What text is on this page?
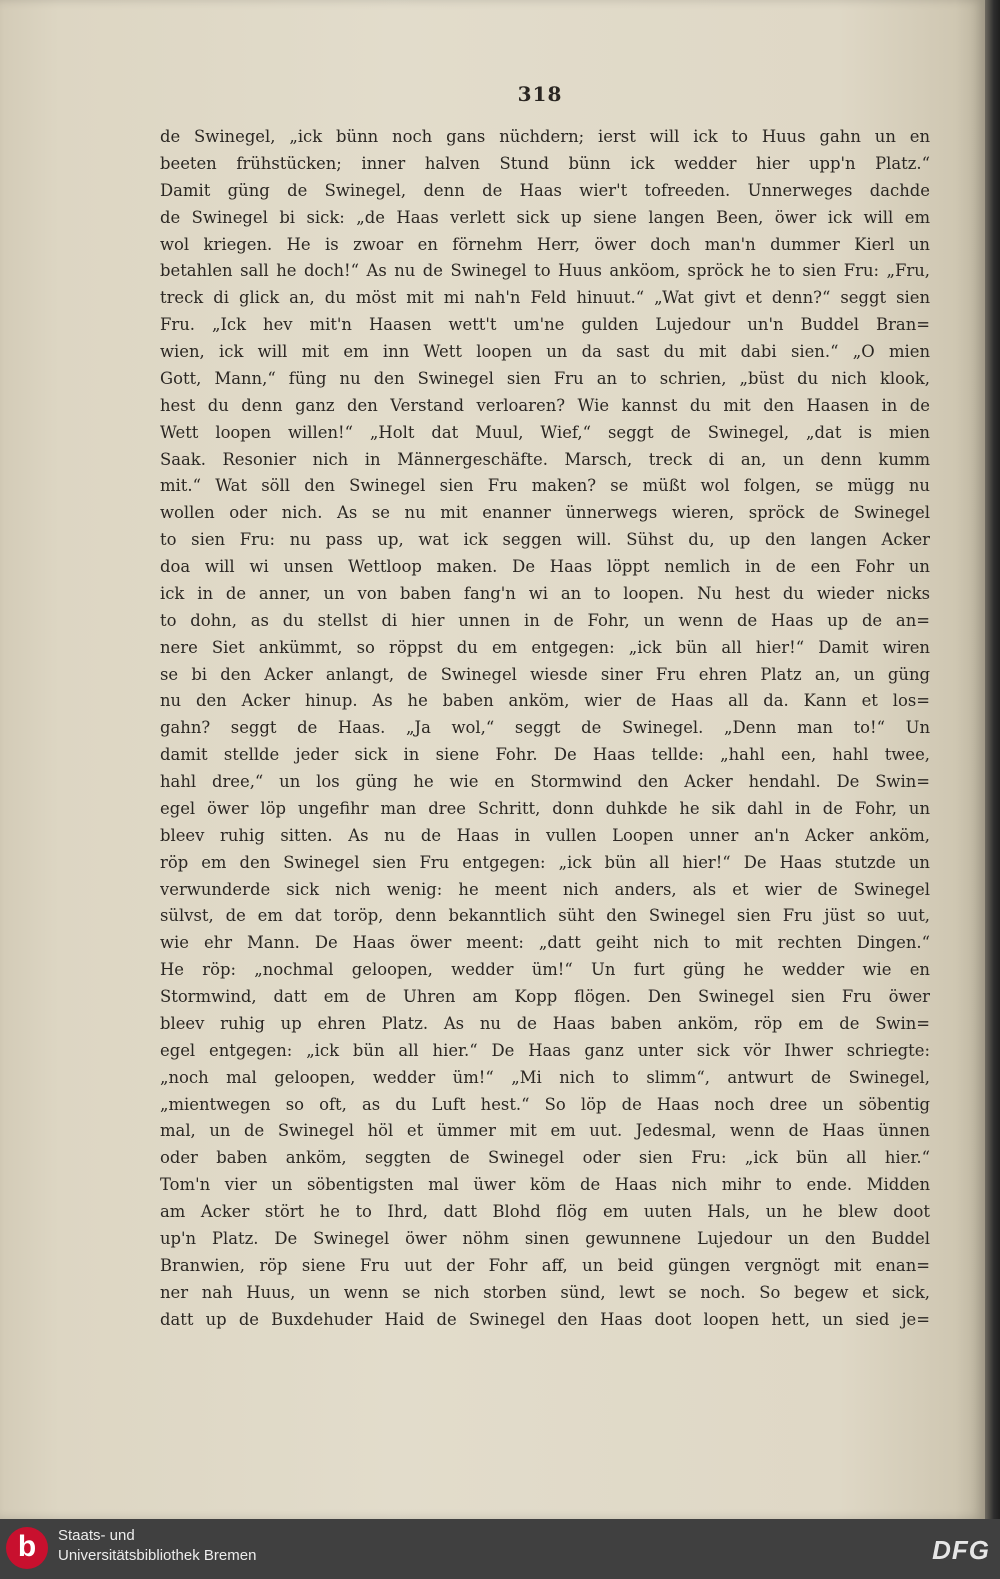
318
de Swinegel, „ick bünn noch gans nüchdern; ierst will ick to Huus gahn un en
beeten frühstücken; inner halven Stund bünn ick wedder hier upp'n Platz.“
Damit güng de Swinegel, denn de Haas wier't tofreeden. Unnerweges dachde
de Swinegel bi sick: „de Haas verlett sick up siene langen Been, öwer ick will em
wol kriegen. He is zwoar en förnehm Herr, öwer doch man'n dummer Kierl un
betahlen sall he doch!“ As nu de Swinegel to Huus anköom, spröck he to sien Fru: „Fru,
treck di glick an, du möst mit mi nah'n Feld hinuut.“ „Wat givt et denn?“ seggt sien
Fru. „Ick hev mit'n Haasen wett't um'ne gulden Lujedour un'n Buddel Bran=
wien, ick will mit em inn Wett loopen un da sast du mit dabi sien.“ „O mien
Gott, Mann,“ füng nu den Swinegel sien Fru an to schrien, „büst du nich klook,
hest du denn ganz den Verstand verloaren? Wie kannst du mit den Haasen in de
Wett loopen willen!“ „Holt dat Muul, Wief,“ seggt de Swinegel, „dat is mien
Saak. Resonier nich in Männergeschäfte. Marsch, treck di an, un denn kumm
mit.“ Wat söll den Swinegel sien Fru maken? se müßt wol folgen, se mügg nu
wollen oder nich. As se nu mit enanner ünnerwegs wieren, spröck de Swinegel
to sien Fru: nu pass up, wat ick seggen will. Sühst du, up den langen Acker
doa will wi unsen Wettloop maken. De Haas löppt nemlich in de een Fohr un
ick in de anner, un von baben fang'n wi an to loopen. Nu hest du wieder nicks
to dohn, as du stellst di hier unnen in de Fohr, un wenn de Haas up de an=
nere Siet ankümmt, so röppst du em entgegen: „ick bün all hier!“ Damit wiren
se bi den Acker anlangt, de Swinegel wiesde siner Fru ehren Platz an, un güng
nu den Acker hinup. As he baben anköm, wier de Haas all da. Kann et los=
gahn? seggt de Haas. „Ja wol,“ seggt de Swinegel. „Denn man to!“ Un
damit stellde jeder sick in siene Fohr. De Haas tellde: „hahl een, hahl twee,
hahl dree,“ un los güng he wie en Stormwind den Acker hendahl. De Swin=
egel öwer löp ungefihr man dree Schritt, donn duhkde he sik dahl in de Fohr, un
bleev ruhig sitten. As nu de Haas in vullen Loopen unner an'n Acker anköm,
röp em den Swinegel sien Fru entgegen: „ick bün all hier!“ De Haas stutzde un
verwunderde sick nich wenig: he meent nich anders, als et wier de Swinegel
sülvst, de em dat toröp, denn bekanntlich süht den Swinegel sien Fru jüst so uut,
wie ehr Mann. De Haas öwer meent: „datt geiht nich to mit rechten Dingen.“
He röp: „nochmal geloopen, wedder üm!“ Un furt güng he wedder wie en
Stormwind, datt em de Uhren am Kopp flögen. Den Swinegel sien Fru öwer
bleev ruhig up ehren Platz. As nu de Haas baben anköm, röp em de Swin=
egel entgegen: „ick bün all hier.“ De Haas ganz unter sick vör Ihwer schriegte:
„noch mal geloopen, wedder üm!“ „Mi nich to slimm“, antwurt de Swinegel,
„mientwegen so oft, as du Luft hest.“ So löp de Haas noch dree un söbentig
mal, un de Swinegel höl et ümmer mit em uut. Jedesmal, wenn de Haas ünnen
oder baben anköm, seggten de Swinegel oder sien Fru: „ick bün all hier.“
Tom'n vier un söbentigsten mal üwer köm de Haas nich mihr to ende. Midden
am Acker stört he to Ihrd, datt Blohd flög em uuten Hals, un he blew doot
up'n Platz. De Swinegel öwer nöhm sinen gewunnene Lujedour un den Buddel
Branwien, röp siene Fru uut der Fohr aff, un beid güngen vergnögt mit enan=
ner nah Huus, un wenn se nich storben sünd, lewt se noch. So begew et sick,
datt up de Buxdehuder Haid de Swinegel den Haas doot loopen hett, un sied je=
b Staats- und
Universitätsbibliothek Bremen	DFG
